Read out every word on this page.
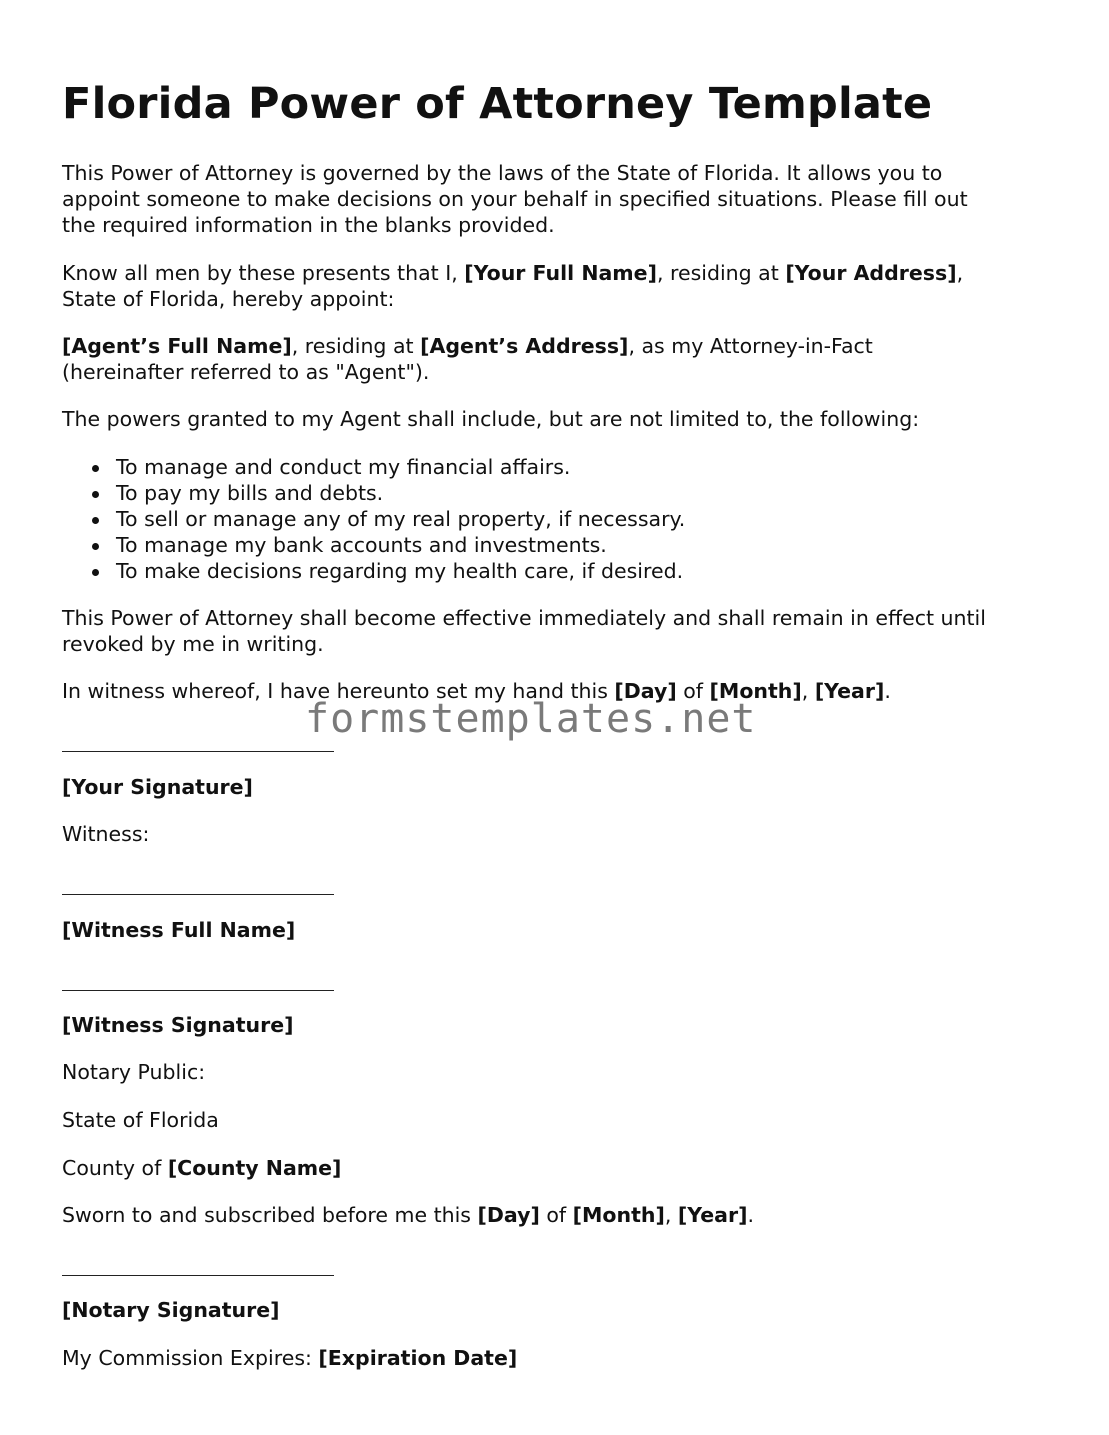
Florida Power of Attorney Template
This Power of Attorney is governed by the laws of the State of Florida. It allows you to
appoint someone to make decisions on your behalf in specified situations. Please fill out
the required information in the blanks provided.
Know all men by these presents that I, [Your Full Name], residing at [Your Address],
State of Florida, hereby appoint:
[Agent’s Full Name], residing at [Agent’s Address], as my Attorney-in-Fact
(hereinafter referred to as "Agent").
The powers granted to my Agent shall include, but are not limited to, the following:
To manage and conduct my financial affairs.
To pay my bills and debts.
To sell or manage any of my real property, if necessary.
To manage my bank accounts and investments.
To make decisions regarding my health care, if desired.
This Power of Attorney shall become effective immediately and shall remain in effect until
revoked by me in writing.
In witness whereof, I have hereunto set my hand this [Day] of [Month], [Year].
[Your Signature]
Witness:
[Witness Full Name]
[Witness Signature]
Notary Public:
State of Florida
County of [County Name]
Sworn to and subscribed before me this [Day] of [Month], [Year].
[Notary Signature]
My Commission Expires: [Expiration Date]
formstemplates.net
